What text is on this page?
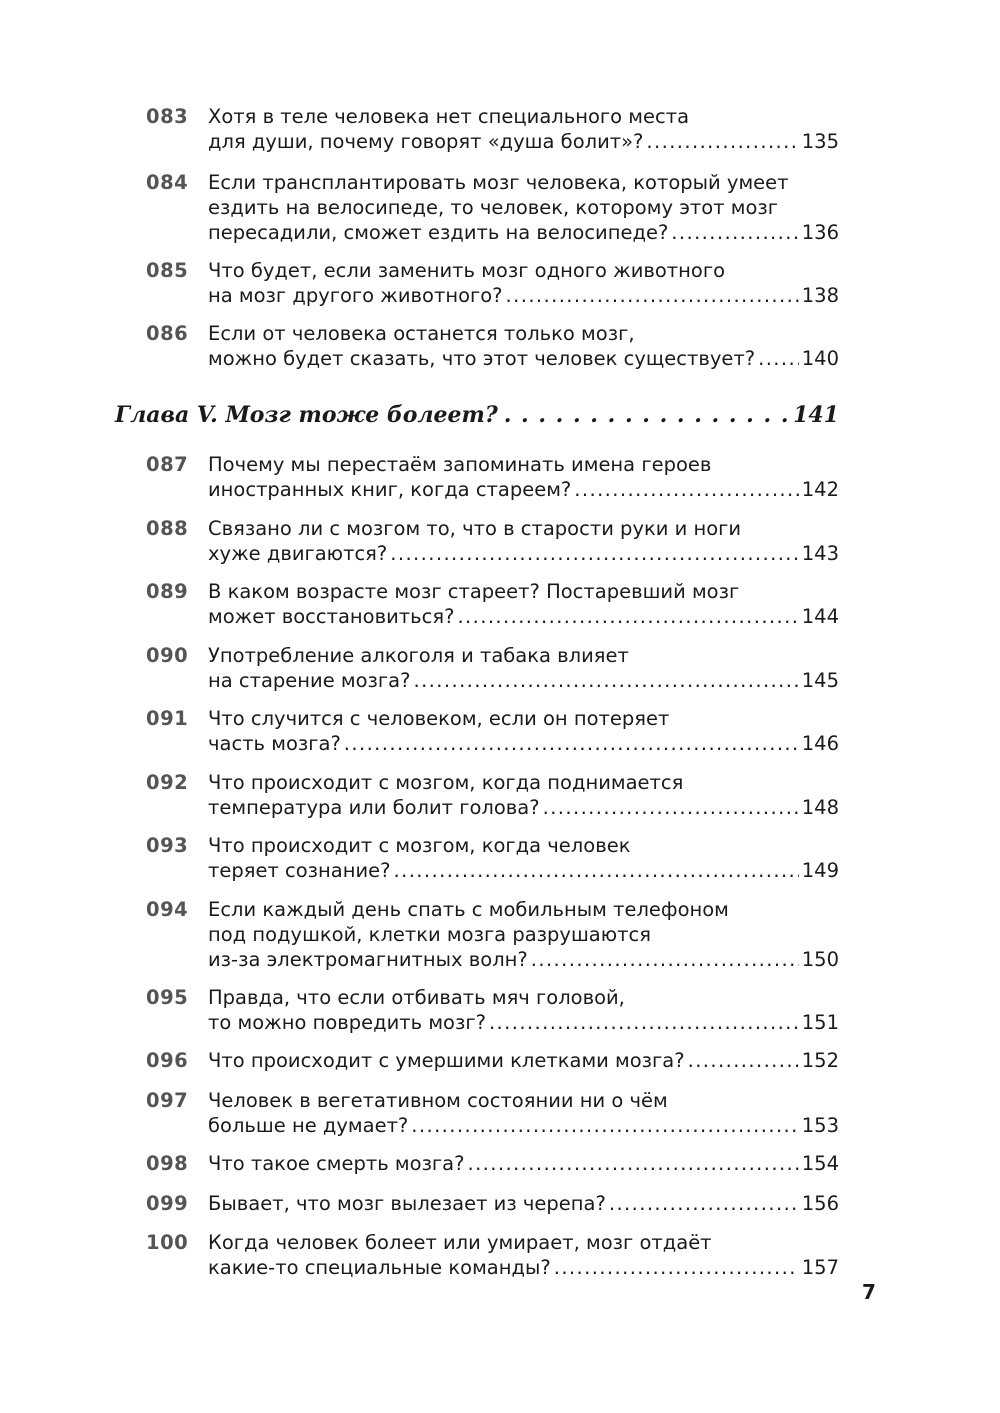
083 Хотя в теле человека нет специального места
для души, почему говорят «душа болит»? . . .	135
084 Если трансплантировать мозг человека, который умеет
ездить на велосипеде, то человек, которому этот мозг
пересадили, сможет ездить на велосипеде? . . .	136
085 Что будет, если заменить мозг одного животного
на мозг другого животного? . . .	138
086 Если от человека останется только мозг,
можно будет сказать, что этот человек существует? . . . 140
Глава V. Мозг тоже болеет? . . .	141
087 Почему мы перестаём запоминать имена героев
иностранных книг, когда стареем? . . .	142
088 Связано ли с мозгом то, что в старости руки и ноги
хуже двигаются? . . .	143
089 В каком возрасте мозг стареет? Постаревший мозг
может восстановиться? . . .	144
090 Употребление алкоголя и табака влияет
на старение мозга? . . .	145
091 Что случится с человеком, если он потеряет
часть мозга? . . .	146
092 Что происходит с мозгом, когда поднимается
температура или болит голова? . . .	148
093 Что происходит с мозгом, когда человек
теряет сознание? . . .	149
094 Если каждый день спать с мобильным телефоном
под подушкой, клетки мозга разрушаются
из-за электромагнитных волн? . . .	150
095 Правда, что если отбивать мяч головой,
то можно повредить мозг? . . .	151
096 Что происходит с умершими клетками мозга? . . .	152
097 Человек в вегетативном состоянии ни о чём
больше не думает? . . .	153
098 Что такое смерть мозга? . . .	154
099 Бывает, что мозг вылезает из черепа? . . .	156
100 Когда человек болеет или умирает, мозг отдаёт
какие-то специальные команды? . . .	157
7
